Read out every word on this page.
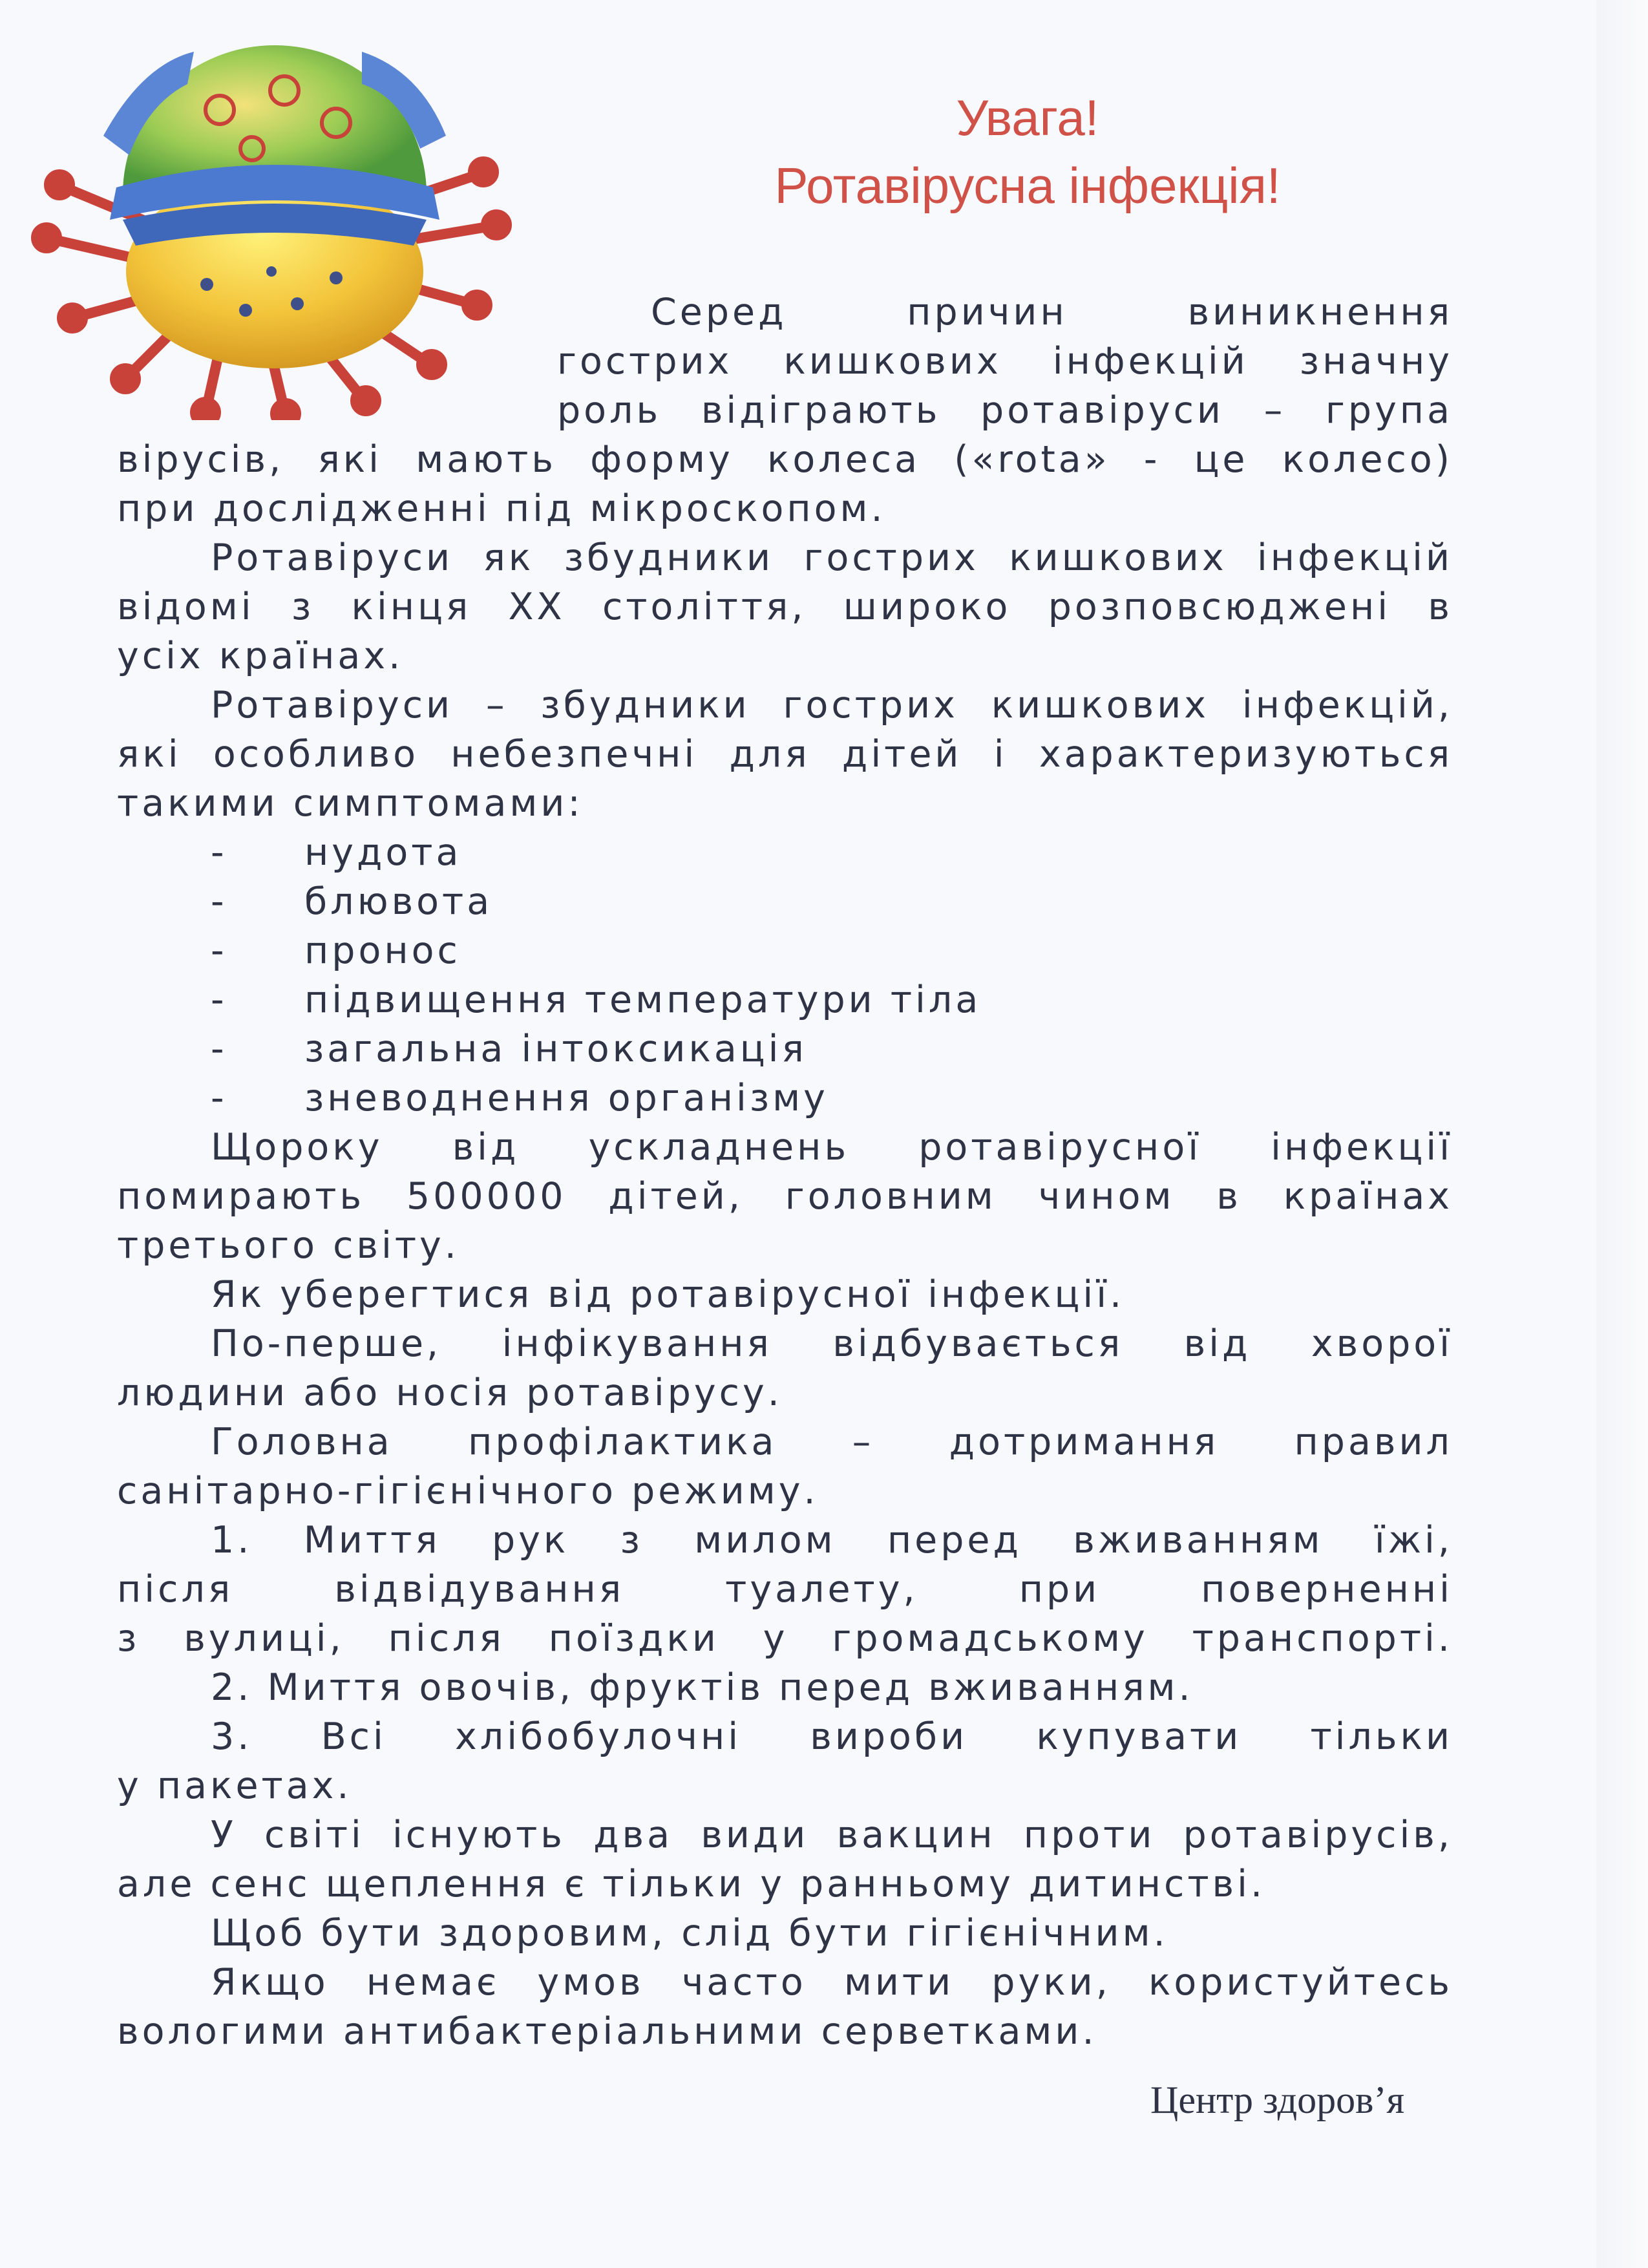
Увага!
Ротавірусна інфекція!
Серед причин виникнення
гострих кишкових інфекцій значну
роль відіграють ротавіруси – група
вірусів, які мають форму колеса («rota» - це колесо)
при дослідженні під мікроскопом.
Ротавіруси як збудники гострих кишкових інфекцій
відомі з кінця ХХ століття, широко розповсюджені в
усіх країнах.
Ротавіруси – збудники гострих кишкових інфекцій,
які особливо небезпечні для дітей і характеризуються
такими симптомами:
- нудота
- блювота
- пронос
- підвищення температури тіла
- загальна інтоксикація
- зневоднення організму
Щороку від ускладнень ротавірусної інфекції
помирають 500000 дітей, головним чином в країнах
третього світу.
Як уберегтися від ротавірусної інфекції.
По-перше, інфікування відбувається від хворої
людини або носія ротавірусу.
Головна профілактика – дотримання правил
санітарно-гігієнічного режиму.
1. Миття рук з милом перед вживанням їжі,
після відвідування туалету, при поверненні
з вулиці, після поїздки у громадському транспорті.
2. Миття овочів, фруктів перед вживанням.
3. Всі хлібобулочні вироби купувати тільки
у пакетах.
У світі існують два види вакцин проти ротавірусів,
але сенс щеплення є тільки у ранньому дитинстві.
Щоб бути здоровим, слід бути гігієнічним.
Якщо немає умов часто мити руки, користуйтесь
вологими антибактеріальними серветками.
Центр здоров’я
